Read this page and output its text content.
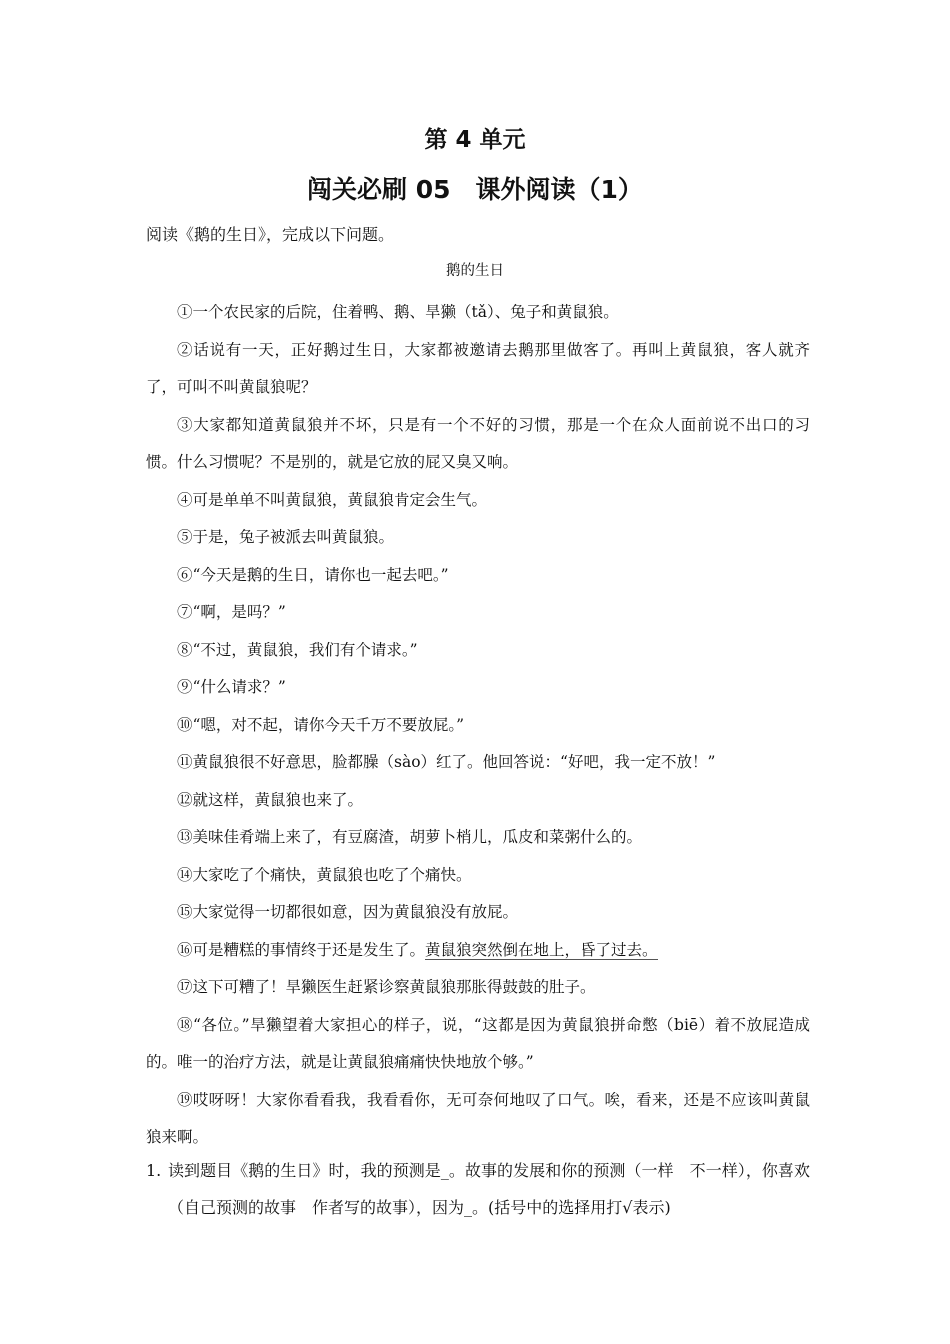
第 4 单元
闯关必刷 05　课外阅读（1）
阅读《鹅的生日》，完成以下问题。
鹅的生日

①一个农民家的后院，住着鸭、鹅、旱獭（tǎ）、兔子和黄鼠狼。

②话说有一天，正好鹅过生日，大家都被邀请去鹅那里做客了。再叫上黄鼠狼，客人就齐了，可叫不叫黄鼠狼呢？

③大家都知道黄鼠狼并不坏，只是有一个不好的习惯，那是一个在众人面前说不出口的习惯。什么习惯呢？不是别的，就是它放的屁又臭又响。

④可是单单不叫黄鼠狼，黄鼠狼肯定会生气。

⑤于是，兔子被派去叫黄鼠狼。

⑥“今天是鹅的生日，请你也一起去吧。”

⑦“啊，是吗？”

⑧“不过，黄鼠狼，我们有个请求。”

⑨“什么请求？”

⑩“嗯，对不起，请你今天千万不要放屁。”

⑪黄鼠狼很不好意思，脸都臊（sào）红了。他回答说：“好吧，我一定不放！”

⑫就这样，黄鼠狼也来了。

⑬美味佳肴端上来了，有豆腐渣，胡萝卜梢儿，瓜皮和菜粥什么的。

⑭大家吃了个痛快，黄鼠狼也吃了个痛快。

⑮大家觉得一切都很如意，因为黄鼠狼没有放屁。

⑯可是糟糕的事情终于还是发生了。黄鼠狼突然倒在地上，昏了过去。

⑰这下可糟了！旱獭医生赶紧诊察黄鼠狼那胀得鼓鼓的肚子。

⑱“各位。”旱獭望着大家担心的样子，说，“这都是因为黄鼠狼拼命憋（biē）着不放屁造成的。唯一的治疗方法，就是让黄鼠狼痛痛快快地放个够。”

⑲哎呀呀！大家你看看我，我看看你，无可奈何地叹了口气。唉，看来，还是不应该叫黄鼠狼来啊。

1. 读到题目《鹅的生日》时，我的预测是_。故事的发展和你的预测（一样　不一样），你喜欢（自己预测的故事　作者写的故事），因为_。(括号中的选择用打√表示)
